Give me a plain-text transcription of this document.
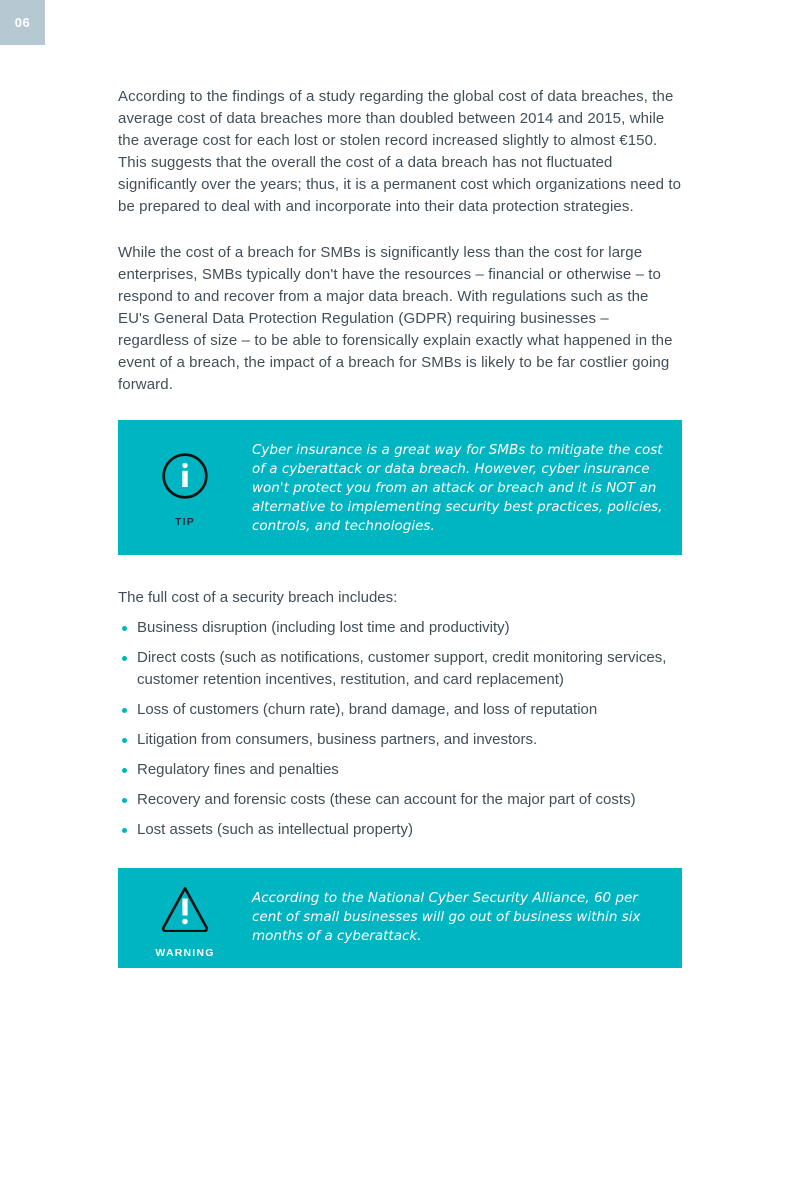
06

According to the findings of a study regarding the global cost of data breaches, the average cost of data breaches more than doubled between 2014 and 2015, while the average cost for each lost or stolen record increased slightly to almost €150. This suggests that the overall the cost of a data breach has not fluctuated significantly over the years; thus, it is a permanent cost which organizations need to be prepared to deal with and incorporate into their data protection strategies.

While the cost of a breach for SMBs is significantly less than the cost for large enterprises, SMBs typically don't have the resources – financial or otherwise – to respond to and recover from a major data breach. With regulations such as the EU's General Data Protection Regulation (GDPR) requiring businesses – regardless of size – to be able to forensically explain exactly what happened in the event of a breach, the impact of a breach for SMBs is likely to be far costlier going forward.

TIP
Cyber insurance is a great way for SMBs to mitigate the cost of a cyberattack or data breach. However, cyber insurance won't protect you from an attack or breach and it is NOT an alternative to implementing security best practices, policies, controls, and technologies.

The full cost of a security breach includes:

Business disruption (including lost time and productivity)
Direct costs (such as notifications, customer support, credit monitoring services, customer retention incentives, restitution, and card replacement)
Loss of customers (churn rate), brand damage, and loss of reputation
Litigation from consumers, business partners, and investors.
Regulatory fines and penalties
Recovery and forensic costs (these can account for the major part of costs)
Lost assets (such as intellectual property)
WARNING
According to the National Cyber Security Alliance, 60 per cent of small businesses will go out of business within six months of a cyberattack.
